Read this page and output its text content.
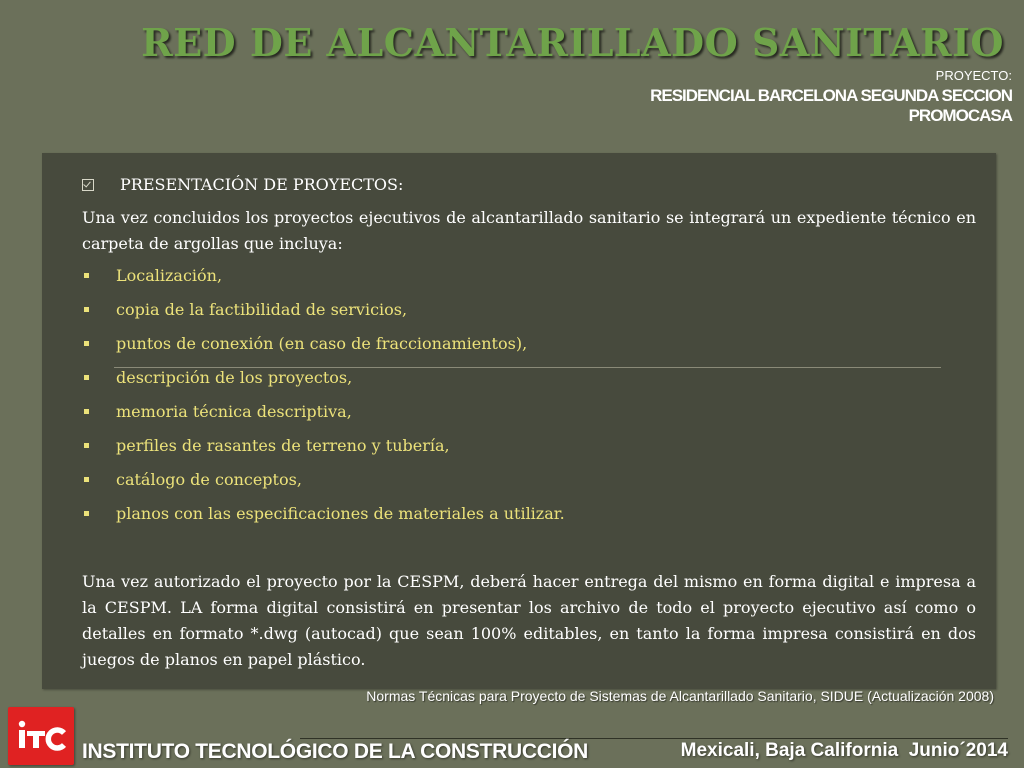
RED DE ALCANTARILLADO SANITARIO
PROYECTO:
RESIDENCIAL BARCELONA SEGUNDA SECCION
PROMOCASA
PRESENTACIÓN DE PROYECTOS:
Una vez concluidos los proyectos ejecutivos de alcantarillado sanitario se integrará un expediente técnico en carpeta de argollas que incluya:
Localización,
copia de la factibilidad de servicios,
puntos de conexión (en caso de fraccionamientos),
descripción de los proyectos,
memoria técnica descriptiva,
perfiles de rasantes de terreno y tubería,
catálogo de conceptos,
planos con las especificaciones de materiales a utilizar.
Una vez autorizado el proyecto por la CESPM, deberá hacer entrega del mismo en forma digital e impresa a la CESPM. LA forma digital consistirá en presentar los archivo de todo el proyecto ejecutivo así como o detalles en formato *.dwg (autocad) que sean 100% editables, en tanto la forma impresa consistirá en dos juegos de planos en papel plástico.
Normas Técnicas para Proyecto de Sistemas de Alcantarillado Sanitario, SIDUE (Actualización 2008)
INSTITUTO TECNOLÓGICO DE LA CONSTRUCCIÓN	Mexicali, Baja California  Junio´2014
